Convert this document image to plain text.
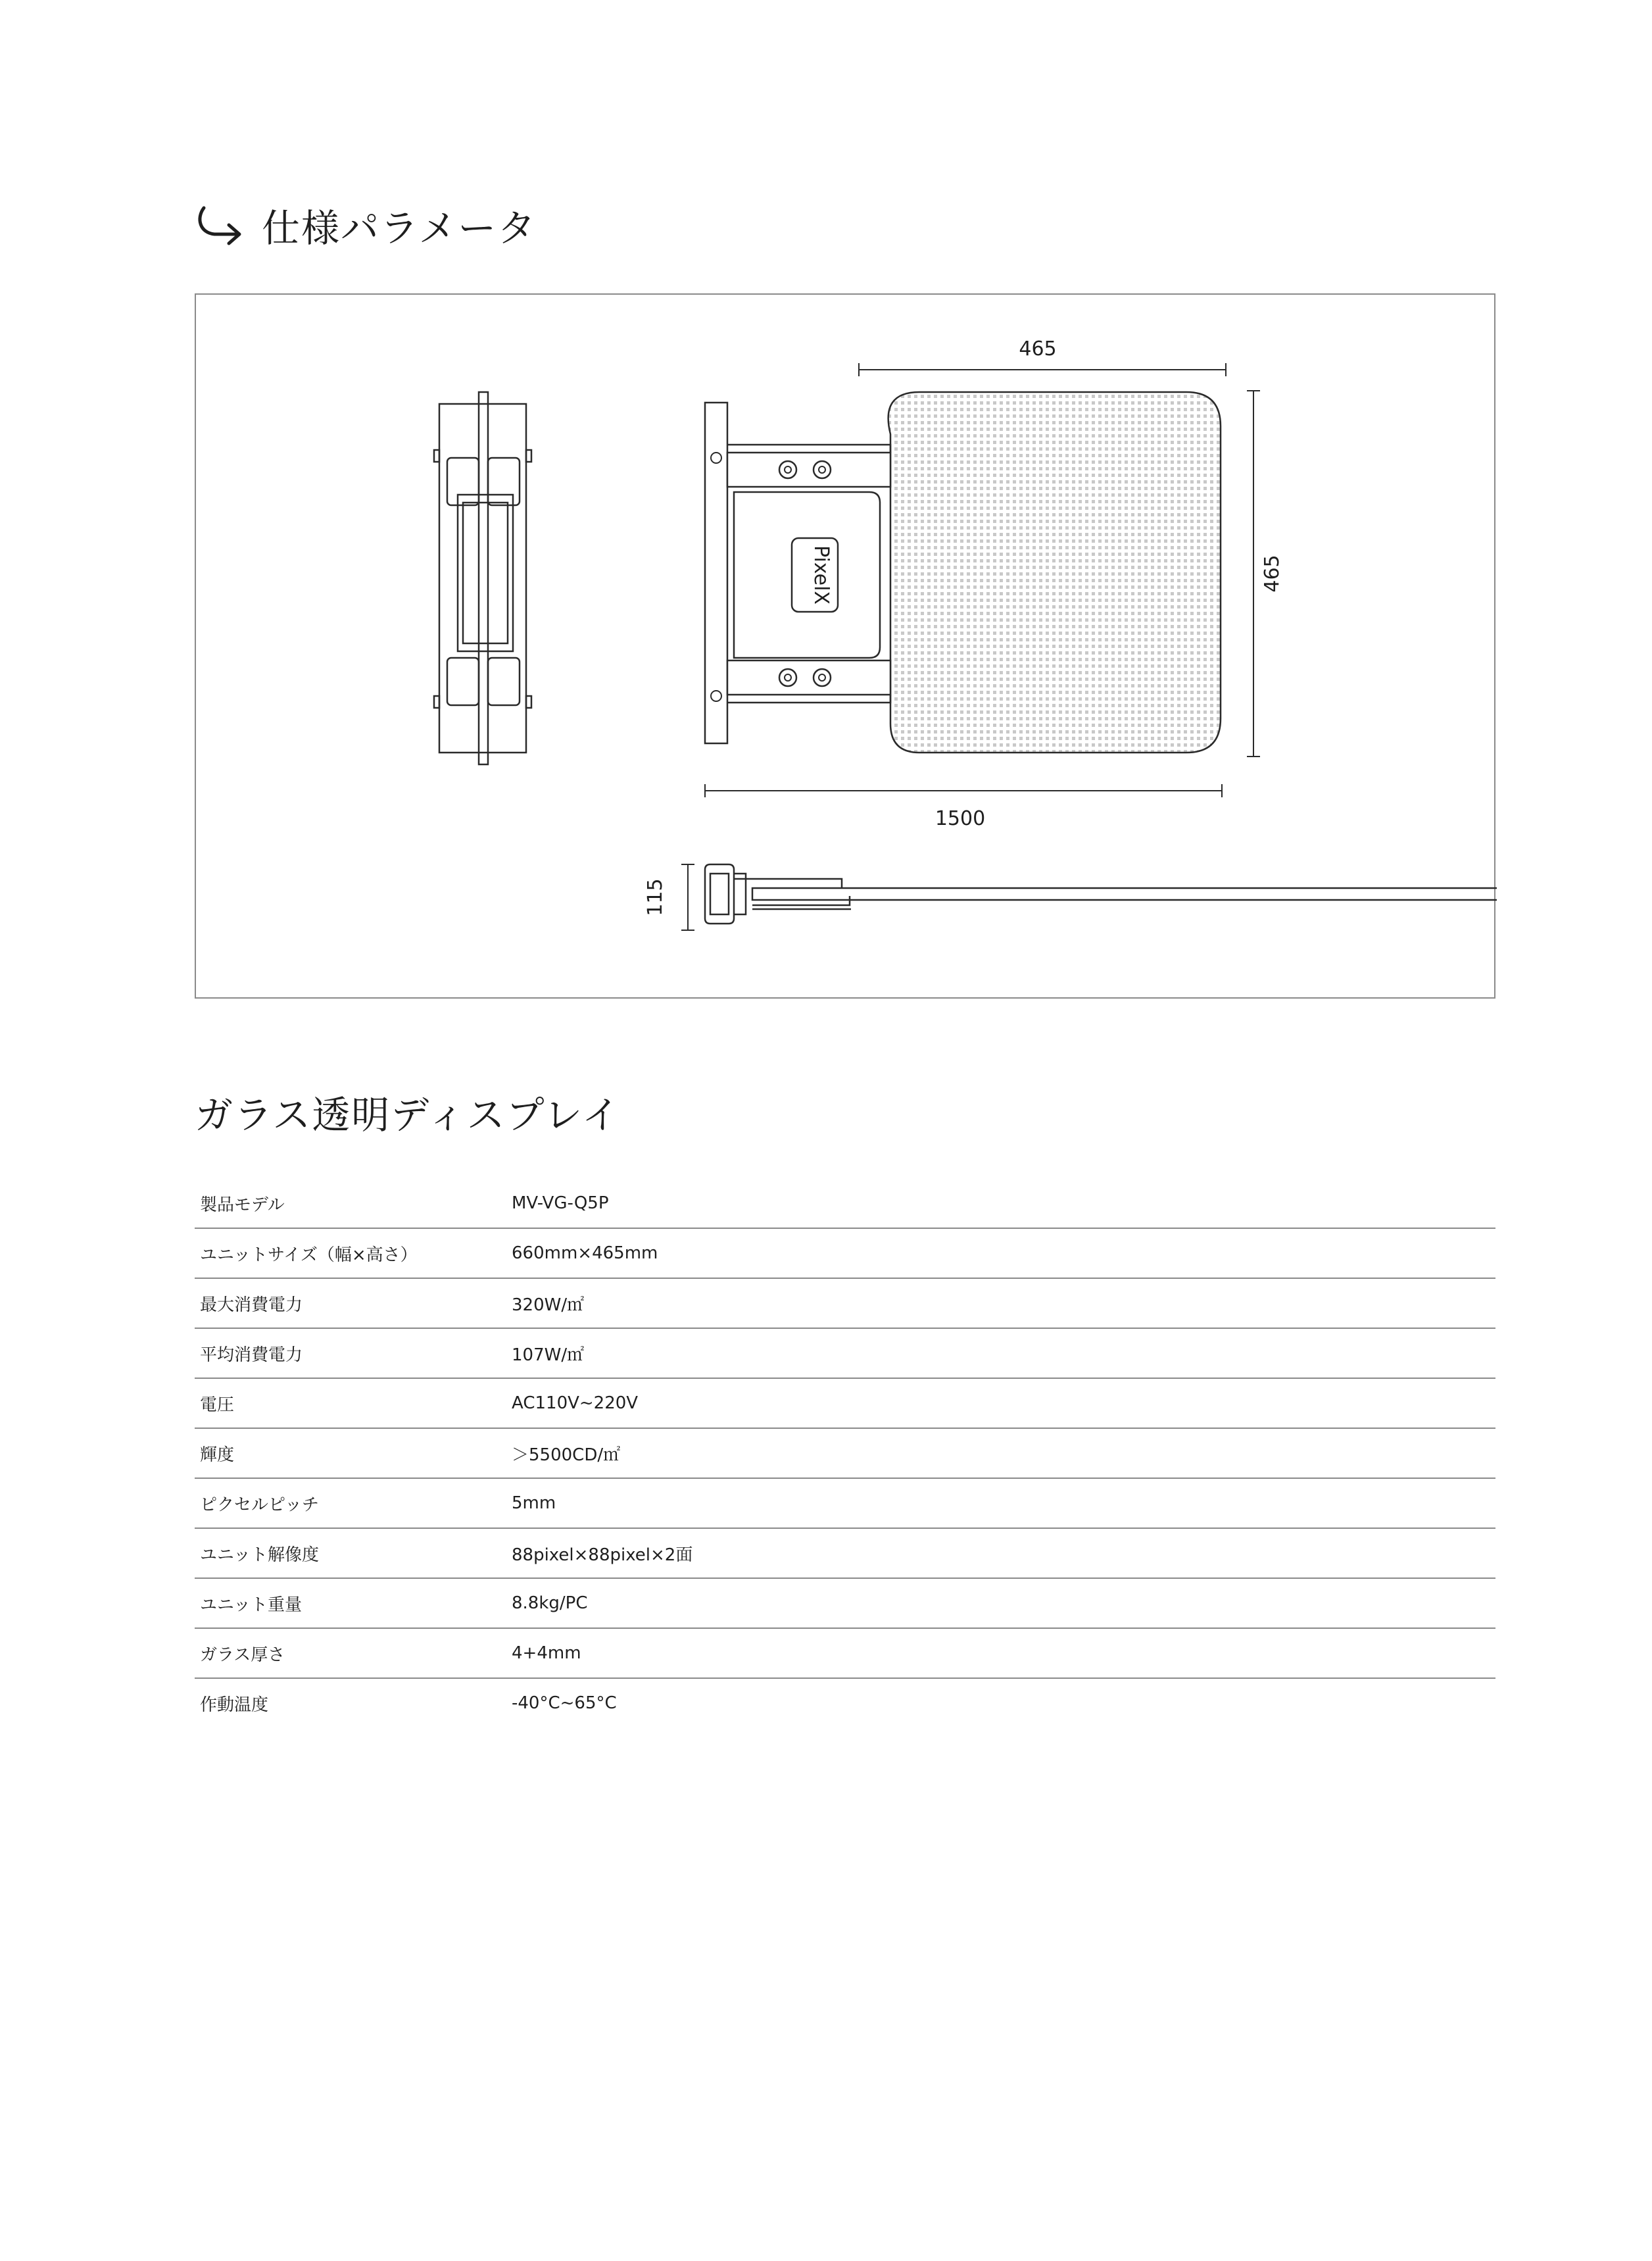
仕様パラメータ
PixelX
465
465
1500
115
ガラス透明ディスプレイ
製品モデル	MV-VG-Q5P
ユニットサイズ（幅×高さ）	660mm×465mm
最大消費電力	320W/㎡
平均消費電力	107W/㎡
電圧	AC110V~220V
輝度	＞5500CD/㎡
ピクセルピッチ	5mm
ユニット解像度	88pixel×88pixel×2面
ユニット重量	8.8kg/PC
ガラス厚さ	4+4mm
作動温度	-40°C~65°C
